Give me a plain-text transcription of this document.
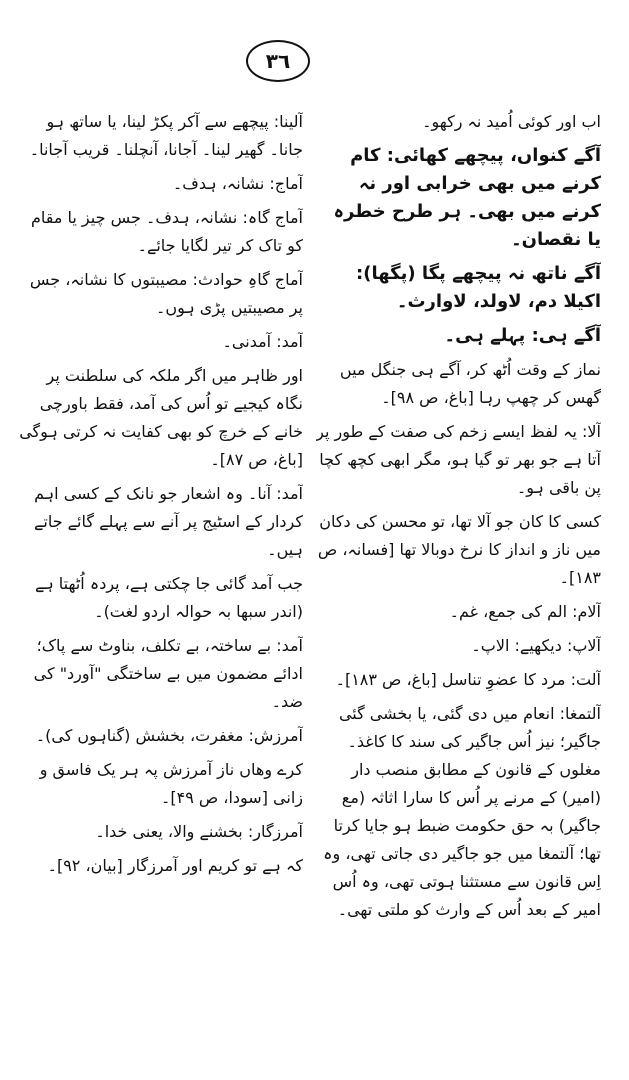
٣٦

اب اور کوئی اُمید نہ رکھو۔

آگے کنواں، پیچھے کھائی: کام کرنے میں بھی خرابی اور نہ کرنے میں بھی۔ ہر طرح خطرہ یا نقصان۔

آگے ناتھ نہ پیچھے پگا (پگھا): اکیلا دم، لاولد، لاوارث۔

آگے ہی: پہلے ہی۔

نماز کے وقت اُٹھ کر، آگے ہی جنگل میں گھس کر چھپ رہا [باغ، ص ۹۸]۔

آلا: یہ لفظ ایسے زخم کی صفت کے طور پر آتا ہے جو بھر تو گیا ہو، مگر ابھی کچھ کچا پن باقی ہو۔

کسی کا کان جو آلا تھا، تو محسن کی دکان میں ناز و انداز کا نرخ دوبالا تھا [فسانہ، ص ۱۸۳]۔

آلام: الم کی جمع، غم۔

آلاپ: دیکھیے: الاپ۔

آلت: مرد کا عضوِ تناسل [باغ، ص ۱۸۳]۔

آلتمغا: انعام میں دی گئی، یا بخشی گئی جاگیر؛ نیز اُس جاگیر کی سند کا کاغذ۔ مغلوں کے قانون کے مطابق منصب دار (امیر) کے مرنے پر اُس کا سارا اثاثہ (مع جاگیر) بہ حق حکومت ضبط ہو جایا کرتا تھا؛ آلتمغا میں جو جاگیر دی جاتی تھی، وہ اِس قانون سے مستثنا ہوتی تھی، وہ اُس امیر کے بعد اُس کے وارث کو ملتی تھی۔

آلینا: پیچھے سے آکر پکڑ لینا، یا ساتھ ہو جانا۔ گھیر لینا۔ آجانا، آنچلنا۔ قریب آجانا۔

آماج: نشانہ، ہدف۔

آماج گاہ: نشانہ، ہدف۔ جس چیز یا مقام کو تاک کر تیر لگایا جائے۔

آماج گاہِ حوادث: مصیبتوں کا نشانہ، جس پر مصیبتیں پڑی ہوں۔

آمد: آمدنی۔

اور ظاہر میں اگر ملکہ کی سلطنت پر نگاہ کیجیے تو اُس کی آمد، فقط باورچی خانے کے خرچ کو بھی کفایت نہ کرتی ہوگی [باغ، ص ۸۷]۔

آمد: آنا۔ وہ اشعار جو نانک کے کسی اہم کردار کے اسٹیج پر آنے سے پہلے گائے جاتے ہیں۔

جب آمد گائی جا چکتی ہے، پردہ اُٹھتا ہے (اندر سبھا بہ حوالہ اردو لغت)۔

آمد: بے ساختہ، بے تکلف، بناوٹ سے پاک؛ ادائے مضمون میں بے ساختگی "آورد" کی ضد۔

آمرزش: مغفرت، بخشش (گناہوں کی)۔

کرے وهاں ناز آمرزش پہ ہر یک فاسق و زانی [سودا، ص ۴۹]۔

آمرزگار: بخشنے والا، یعنی خدا۔

کہ ہے تو کریم اور آمرزگار [بیان، ۹۲]۔
